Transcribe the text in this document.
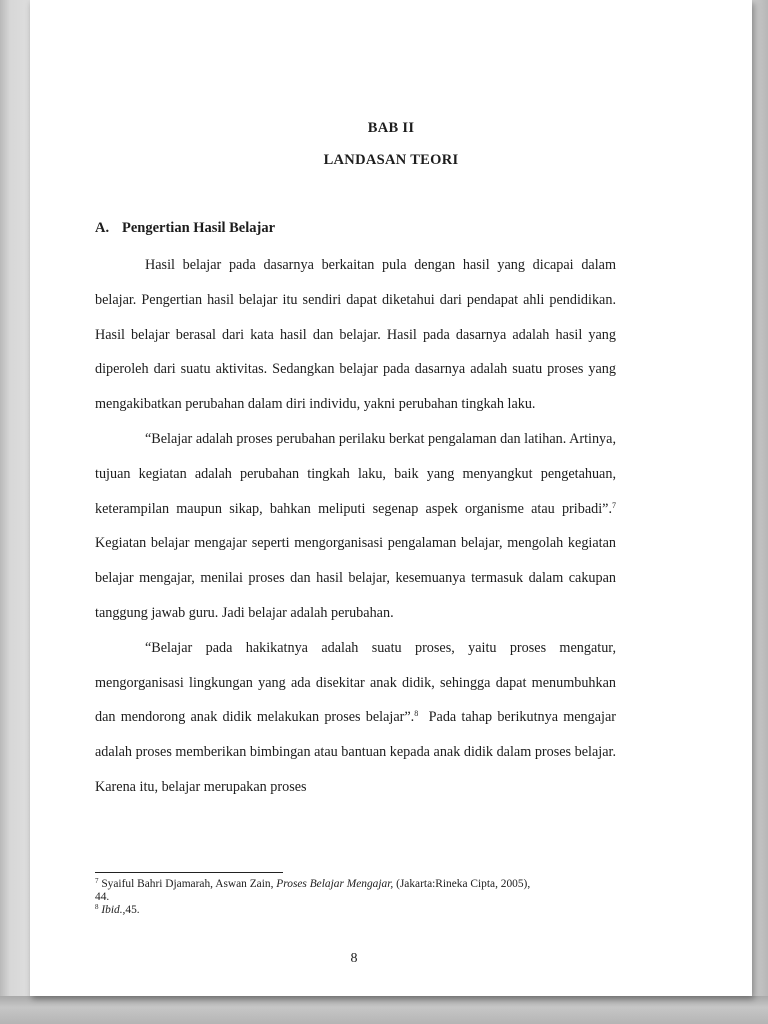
BAB II
LANDASAN TEORI
A. Pengertian Hasil Belajar

Hasil belajar pada dasarnya berkaitan pula dengan hasil yang dicapai dalam belajar. Pengertian hasil belajar itu sendiri dapat diketahui dari pendapat ahli pendidikan. Hasil belajar berasal dari kata hasil dan belajar. Hasil pada dasarnya adalah hasil yang diperoleh dari suatu aktivitas. Sedangkan belajar pada dasarnya adalah suatu proses yang mengakibatkan perubahan dalam diri individu, yakni perubahan tingkah laku.

“Belajar adalah proses perubahan perilaku berkat pengalaman dan latihan. Artinya, tujuan kegiatan adalah perubahan tingkah laku, baik yang menyangkut pengetahuan, keterampilan maupun sikap, bahkan meliputi segenap aspek organisme atau pribadi”.$^7$ Kegiatan belajar mengajar seperti mengorganisasi pengalaman belajar, mengolah kegiatan belajar mengajar, menilai proses dan hasil belajar, kesemuanya termasuk dalam cakupan tanggung jawab guru. Jadi belajar adalah perubahan.

“Belajar pada hakikatnya adalah suatu proses, yaitu proses mengatur, mengorganisasi lingkungan yang ada disekitar anak didik, sehingga dapat menumbuhkan dan mendorong anak didik melakukan proses belajar”.$^8$  Pada tahap berikutnya mengajar adalah proses memberikan bimbingan atau bantuan kepada anak didik dalam proses belajar. Karena itu, belajar merupakan proses

$^7$ Syaiful Bahri Djamarah, Aswan Zain, Proses Belajar Mengajar, (Jakarta:Rineka Cipta, 2005),
44.

$^8$ Ibid.,45.

8
